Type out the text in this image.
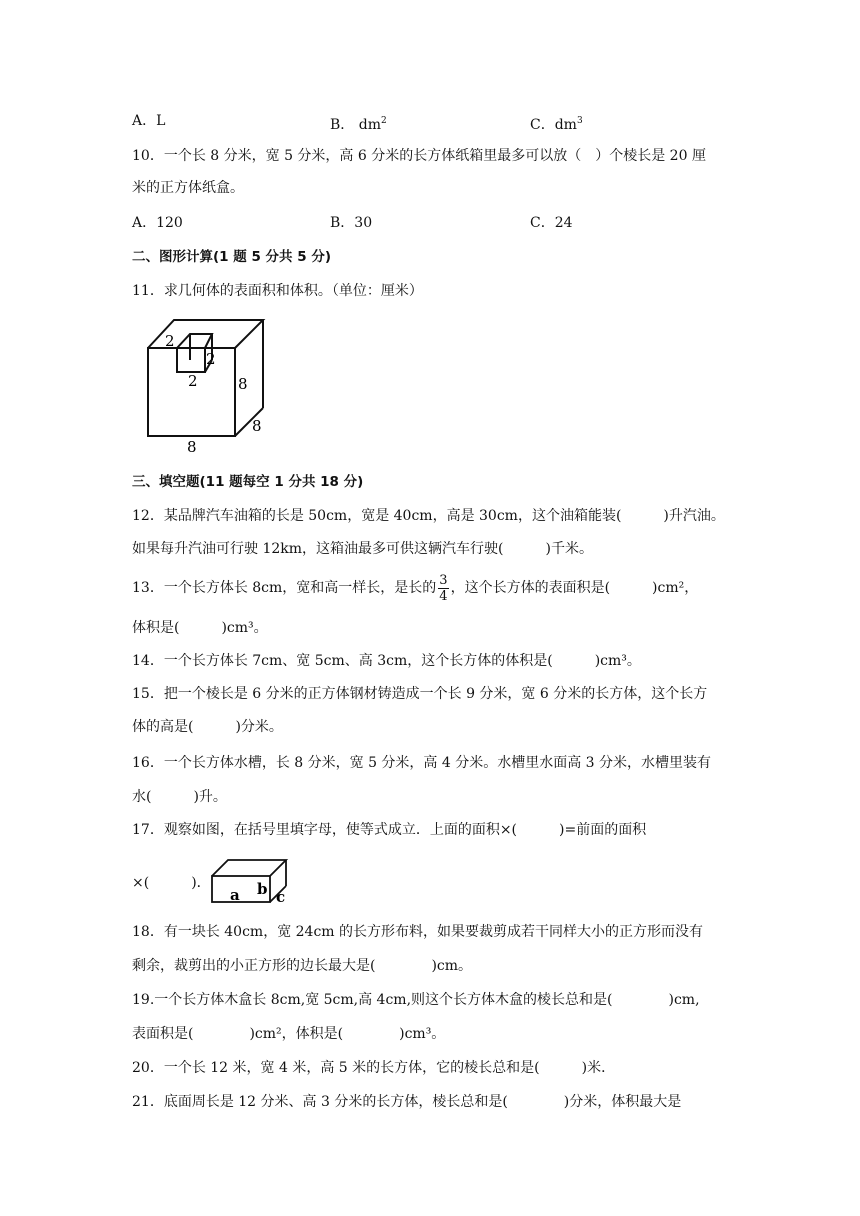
A．L	B． $dm^2$	C．$dm^3$
10．一个长 8 分米，宽 5 分米，高 6 分米的长方体纸箱里最多可以放（　）个棱长是 20 厘
米的正方体纸盒。
A．120	B．30	C．24
二、图形计算(1 题 5 分共 5 分)
11．求几何体的表面积和体积。（单位：厘米）
2
2
2	8
8
8
三、填空题(11 题每空 1 分共 18 分)
12．某品牌汽车油箱的长是 50cm，宽是 40cm，高是 30cm，这个油箱能装(　　　)升汽油。
如果每升汽油可行驶 12km，这箱油最多可供这辆汽车行驶(　　　)千米。
13．一个长方体长 8cm，宽和高一样长，是长的 $\frac{3}{4}$ ，这个长方体的表面积是(　　　)cm²，
体积是(　　　)cm³。
14．一个长方体长 7cm、宽 5cm、高 3cm，这个长方体的体积是(　　　)cm³。
15．把一个棱长是 6 分米的正方体钢材铸造成一个长 9 分米，宽 6 分米的长方体，这个长方
体的高是(　　　)分米。
16．一个长方体水槽，长 8 分米，宽 5 分米，高 4 分米。水槽里水面高 3 分米，水槽里装有
水(　　　)升。
17．观察如图，在括号里填字母，使等式成立．上面的面积×(　　　)=前面的面积
×(　　　)．
a b c
18．有一块长 40cm，宽 24cm 的长方形布料，如果要裁剪成若干同样大小的正方形而没有
剩余，裁剪出的小正方形的边长最大是(　　　　)cm。
19.一个长方体木盒长 8cm,宽 5cm,高 4cm,则这个长方体木盒的棱长总和是(　　　　)cm,
表面积是(　　　　)cm²，体积是(　　　　)cm³。
20．一个长 12 米，宽 4 米，高 5 米的长方体，它的棱长总和是(　　　)米．
21．底面周长是 12 分米、高 3 分米的长方体，棱长总和是(　　　　)分米，体积最大是
